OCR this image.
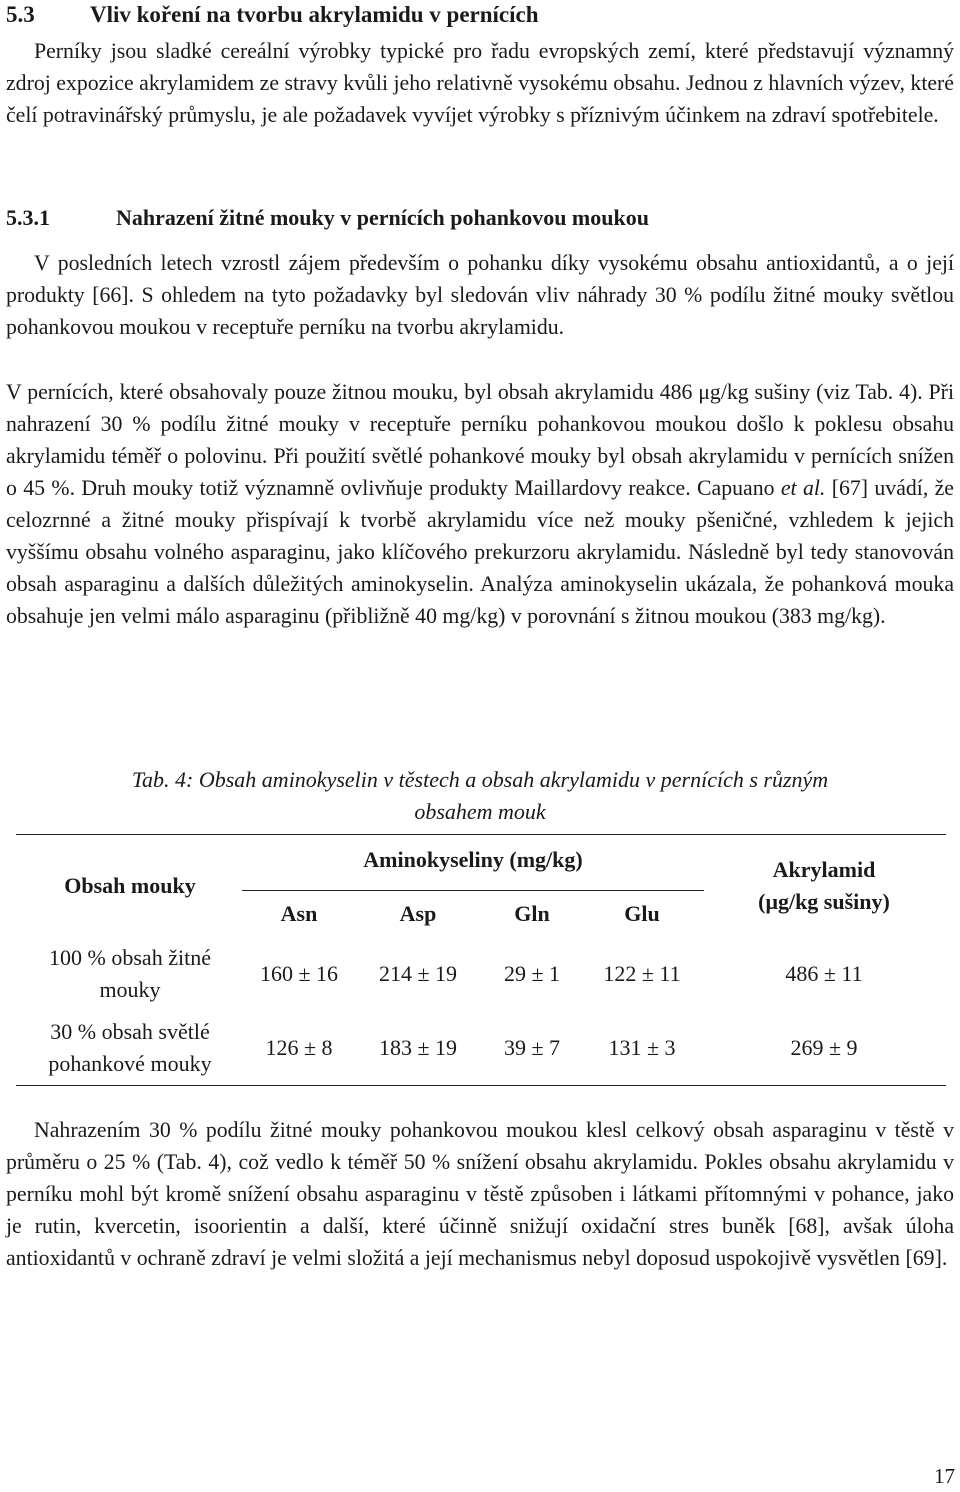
5.3 Vliv koření na tvorbu akrylamidu v pernících

Perníky jsou sladké cereální výrobky typické pro řadu evropských zemí, které představují významný zdroj expozice akrylamidem ze stravy kvůli jeho relativně vysokému obsahu. Jednou z hlavních výzev, které čelí potravinářský průmyslu, je ale požadavek vyvíjet výrobky s příznivým účinkem na zdraví spotřebitele.

5.3.1	Nahrazení žitné mouky v pernících pohankovou moukou

V posledních letech vzrostl zájem především o pohanku díky vysokému obsahu antioxidantů, a o její produkty [66]. S ohledem na tyto požadavky byl sledován vliv náhrady 30 % podílu žitné mouky světlou pohankovou moukou v receptuře perníku na tvorbu akrylamidu.

V pernících, které obsahovaly pouze žitnou mouku, byl obsah akrylamidu 486 μg/kg sušiny (viz Tab. 4). Při nahrazení 30 % podílu žitné mouky v receptuře perníku pohankovou moukou došlo k poklesu obsahu akrylamidu téměř o polovinu. Při použití světlé pohankové mouky byl obsah akrylamidu v pernících snížen o 45 %. Druh mouky totiž významně ovlivňuje produkty Maillardovy reakce. Capuano et al. [67] uvádí, že celozrnné a žitné mouky přispívají k tvorbě akrylamidu více než mouky pšeničné, vzhledem k jejich vyššímu obsahu volného asparaginu, jako klíčového prekurzoru akrylamidu. Následně byl tedy stanovován obsah asparaginu a dalších důležitých aminokyselin. Analýza aminokyselin ukázala, že pohanková mouka obsahuje jen velmi málo asparaginu (přibližně 40 mg/kg) v porovnání s žitnou moukou (383 mg/kg).

Tab. 4: Obsah aminokyselin v těstech a obsah akrylamidu v pernících s různým
obsahem mouk
Obsah mouky	Aminokyseliny (mg/kg)				Akrylamid
(μg/kg sušiny)

	Asn	Asp	Gln	Glu	

100 % obsah žitné
mouky	160 ± 16	214 ± 19	29 ± 1	122 ± 11	486 ± 11

30 % obsah světlé
pohankové mouky	126 ± 8	183 ± 19	39 ± 7	131 ± 3	269 ± 9

Nahrazením 30 % podílu žitné mouky pohankovou moukou klesl celkový obsah asparaginu v těstě v průměru o 25 % (Tab. 4), což vedlo k téměř 50 % snížení obsahu akrylamidu. Pokles obsahu akrylamidu v perníku mohl být kromě snížení obsahu asparaginu v těstě způsoben i látkami přítomnými v pohance, jako je rutin, kvercetin, isoorientin a další, které účinně snižují oxidační stres buněk [68], avšak úloha antioxidantů v ochraně zdraví je velmi složitá a její mechanismus nebyl doposud uspokojivě vysvětlen [69].

17
